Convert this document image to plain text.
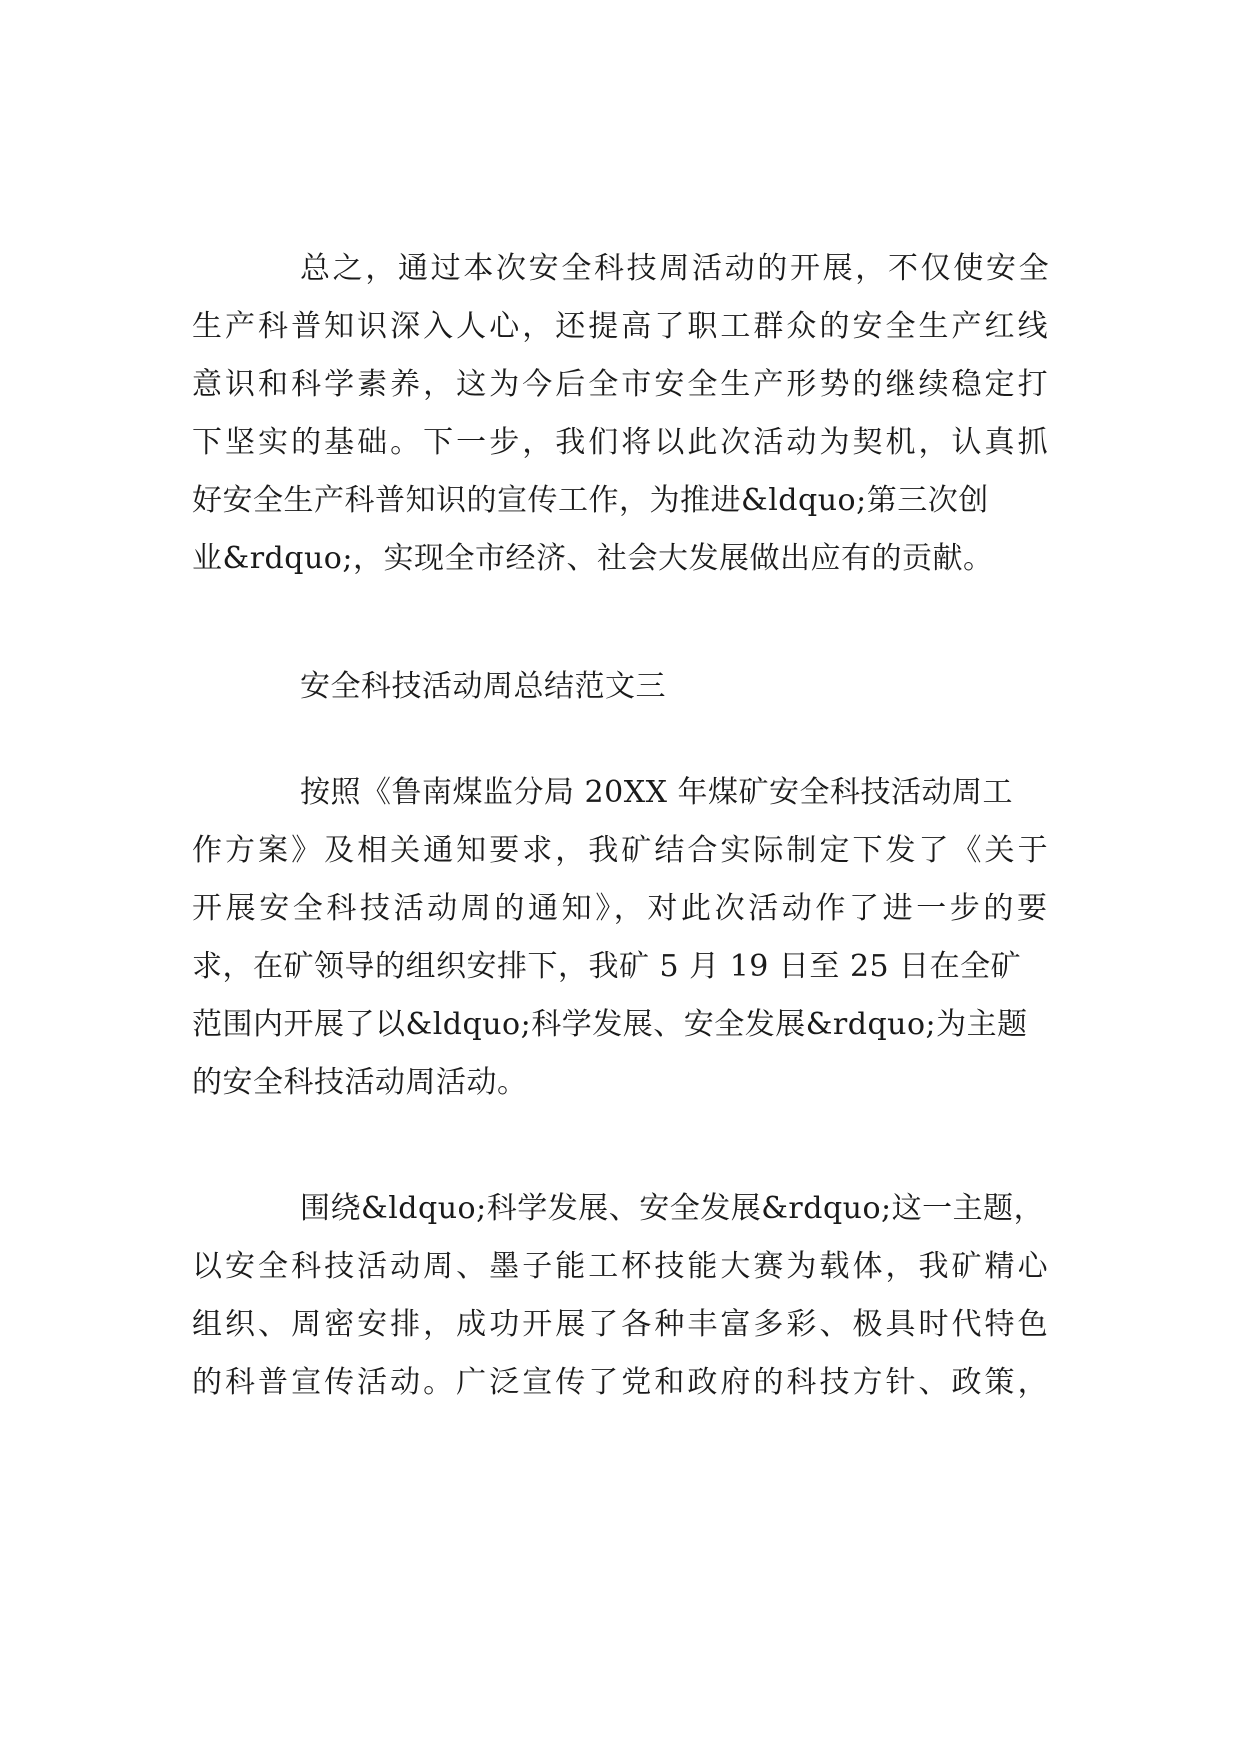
总之，通过本次安全科技周活动的开展，不仅使安全
生产科普知识深入人心，还提高了职工群众的安全生产红线
意识和科学素养，这为今后全市安全生产形势的继续稳定打
下坚实的基础。下一步，我们将以此次活动为契机，认真抓
好安全生产科普知识的宣传工作，为推进&ldquo;第三次创
业&rdquo;，实现全市经济、社会大发展做出应有的贡献。
安全科技活动周总结范文三
按照《鲁南煤监分局 20XX 年煤矿安全科技活动周工
作方案》及相关通知要求，我矿结合实际制定下发了《关于
开展安全科技活动周的通知》，对此次活动作了进一步的要
求，在矿领导的组织安排下，我矿 5 月 19 日至 25 日在全矿
范围内开展了以&ldquo;科学发展、安全发展&rdquo;为主题
的安全科技活动周活动。
围绕&ldquo;科学发展、安全发展&rdquo;这一主题，
以安全科技活动周、墨子能工杯技能大赛为载体，我矿精心
组织、周密安排，成功开展了各种丰富多彩、极具时代特色
的科普宣传活动。广泛宣传了党和政府的科技方针、政策，
